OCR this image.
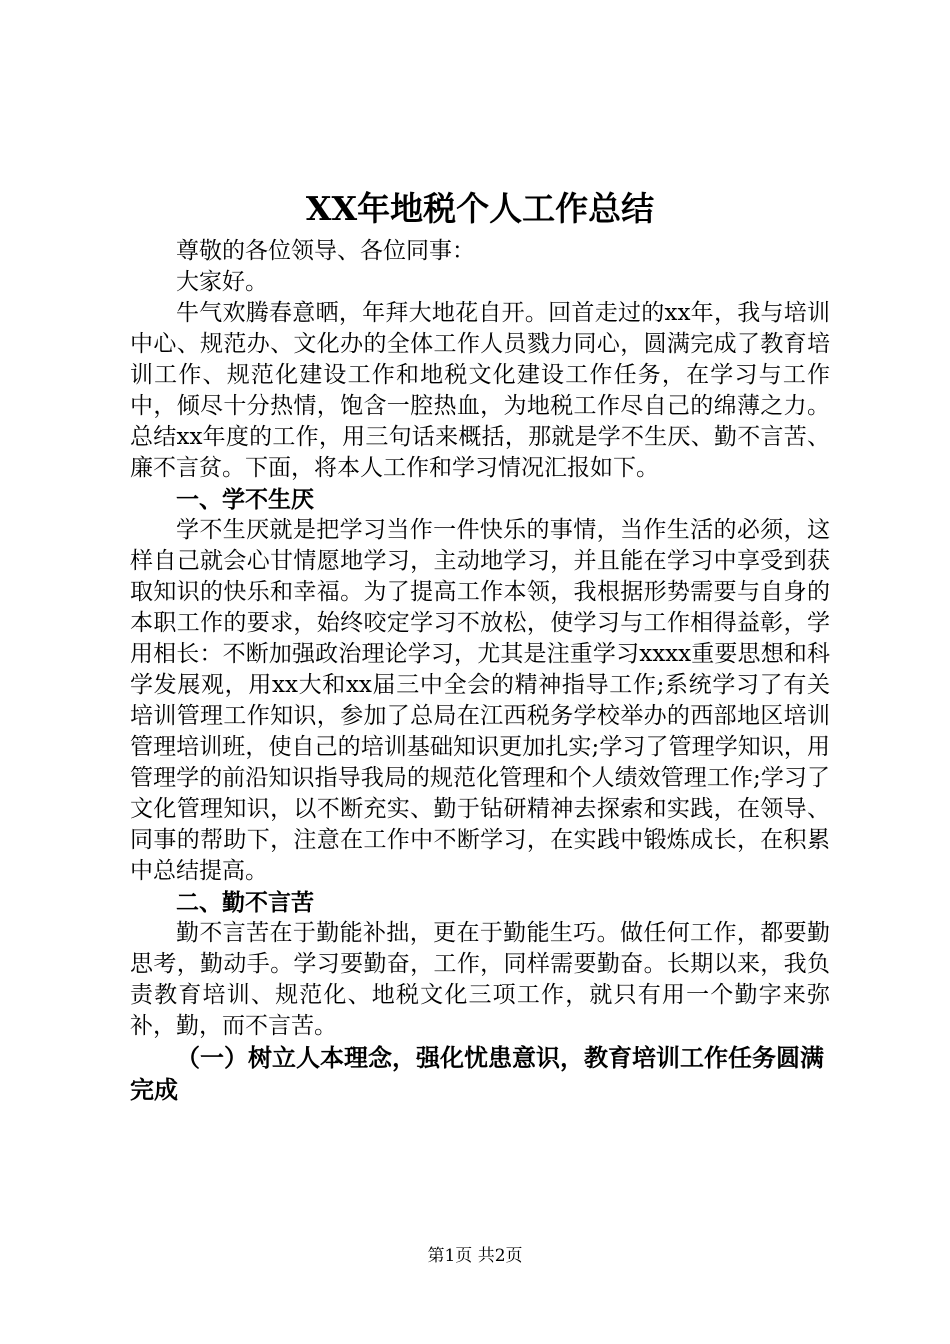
XX年地税个人工作总结

尊敬的各位领导、各位同事：

大家好。

牛气欢腾春意晒，年拜大地花自开。回首走过的xx年，我与培训中心、规范办、文化办的全体工作人员戮力同心，圆满完成了教育培训工作、规范化建设工作和地税文化建设工作任务，在学习与工作中，倾尽十分热情，饱含一腔热血，为地税工作尽自己的绵薄之力。总结xx年度的工作，用三句话来概括，那就是学不生厌、勤不言苦、廉不言贫。下面，将本人工作和学习情况汇报如下。

一、学不生厌

学不生厌就是把学习当作一件快乐的事情，当作生活的必须，这样自己就会心甘情愿地学习，主动地学习，并且能在学习中享受到获取知识的快乐和幸福。为了提高工作本领，我根据形势需要与自身的本职工作的要求，始终咬定学习不放松，使学习与工作相得益彰，学用相长：不断加强政治理论学习，尤其是注重学习xxxx重要思想和科学发展观，用xx大和xx届三中全会的精神指导工作;系统学习了有关培训管理工作知识，参加了总局在江西税务学校举办的西部地区培训管理培训班，使自己的培训基础知识更加扎实;学习了管理学知识，用管理学的前沿知识指导我局的规范化管理和个人绩效管理工作;学习了文化管理知识，以不断充实、勤于钻研精神去探索和实践，在领导、同事的帮助下，注意在工作中不断学习，在实践中锻炼成长，在积累中总结提高。

二、勤不言苦

勤不言苦在于勤能补拙，更在于勤能生巧。做任何工作，都要勤思考，勤动手。学习要勤奋，工作，同样需要勤奋。长期以来，我负责教育培训、规范化、地税文化三项工作，就只有用一个勤字来弥补，勤，而不言苦。

（一）树立人本理念，强化忧患意识，教育培训工作任务圆满完成

第1页 共2页
